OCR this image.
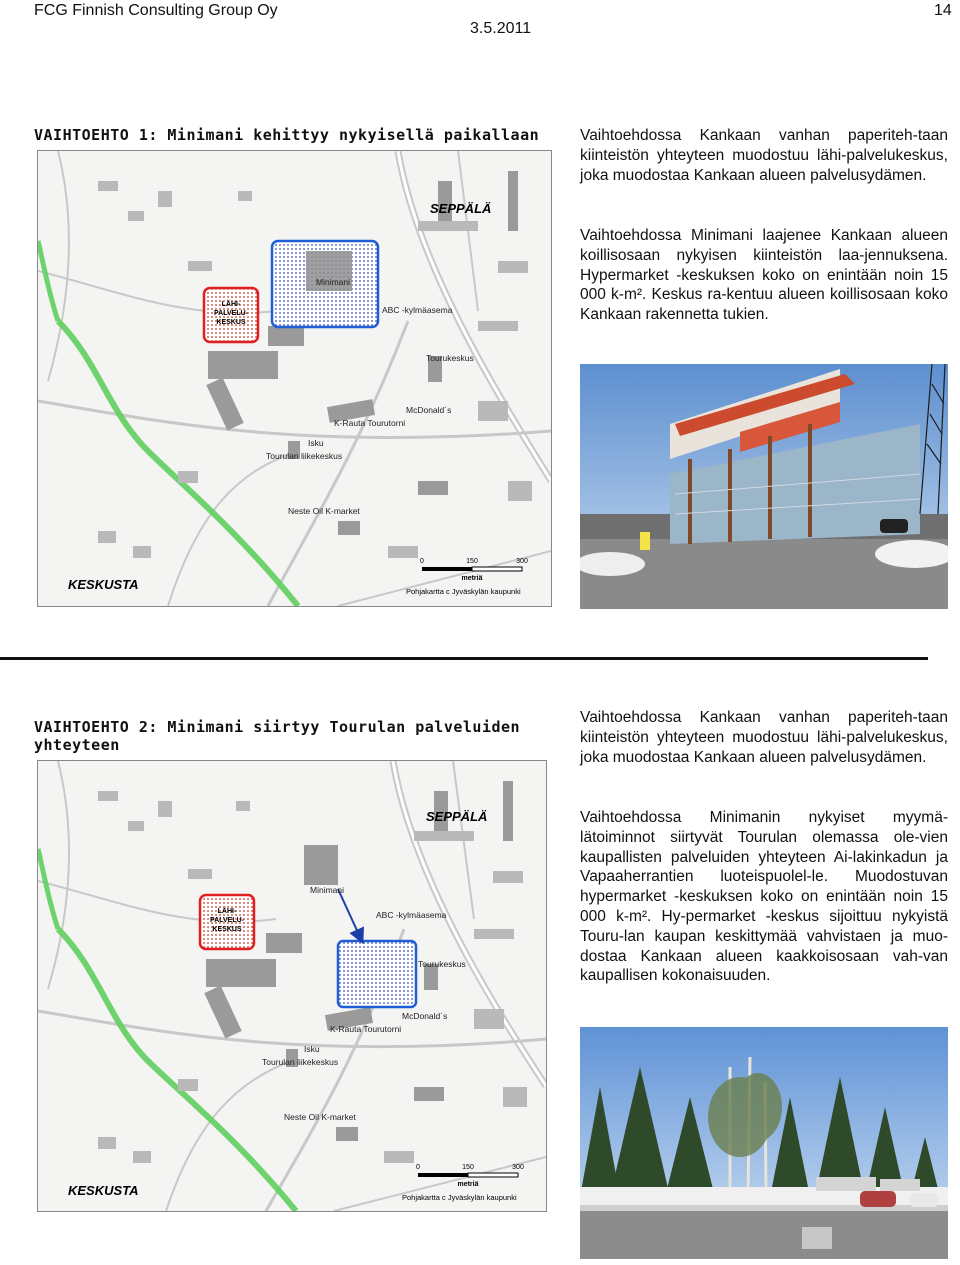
FCG Finnish Consulting Group Oy	14
3.5.2011
VAIHTOEHTO 1: Minimani kehittyy nykyisellä paikallaan
SEPPÄLÄ
Minimani
LÄHI-
PALVELU-
KESKUS
ABC -kylmäasema
Tourukeskus
McDonald´s
K-Rauta Tourutorni
Isku
Tourulan liikekeskus
Neste Oil K-market
KESKUSTA
0	150	300
metriä
Pohjakartta c Jyväskylän kaupunki

Vaihtoehdossa Kankaan vanhan paperiteh-taan kiinteistön yhteyteen muodostuu lähi-palvelukeskus, joka muodostaa Kankaan alueen palvelusydämen.

Vaihtoehdossa Minimani laajenee Kankaan alueen koillisosaan nykyisen kiinteistön laa-jennuksena. Hypermarket -keskuksen koko on enintään noin 15 000 k-m². Keskus ra-kentuu alueen koillisosaan koko Kankaan rakennetta tukien.

VAIHTOEHTO 2: Minimani siirtyy Tourulan palveluiden
yhteyteen
SEPPÄLÄ
Minimani
LÄHI-
PALVELU-
KESKUS
ABC -kylmäasema
Tourukeskus
McDonald´s
K-Rauta Tourutorni
Isku
Tourulan liikekeskus
Neste Oil K-market
KESKUSTA
0	150	300
metriä
Pohjakartta c Jyväskylän kaupunki

Vaihtoehdossa Kankaan vanhan paperiteh-taan kiinteistön yhteyteen muodostuu lähi-palvelukeskus, joka muodostaa Kankaan alueen palvelusydämen.

Vaihtoehdossa Minimanin nykyiset myymä-lätoiminnot siirtyvät Tourulan olemassa ole-vien kaupallisten palveluiden yhteyteen Ai-lakinkadun ja Vapaaherrantien luoteispuolel-le. Muodostuvan hypermarket -keskuksen koko on enintään noin 15 000 k-m². Hy-permarket -keskus sijoittuu nykyistä Touru-lan kaupan keskittymää vahvistaen ja muo-dostaa Kankaan alueen kaakkoisosaan vah-van kaupallisen kokonaisuuden.
